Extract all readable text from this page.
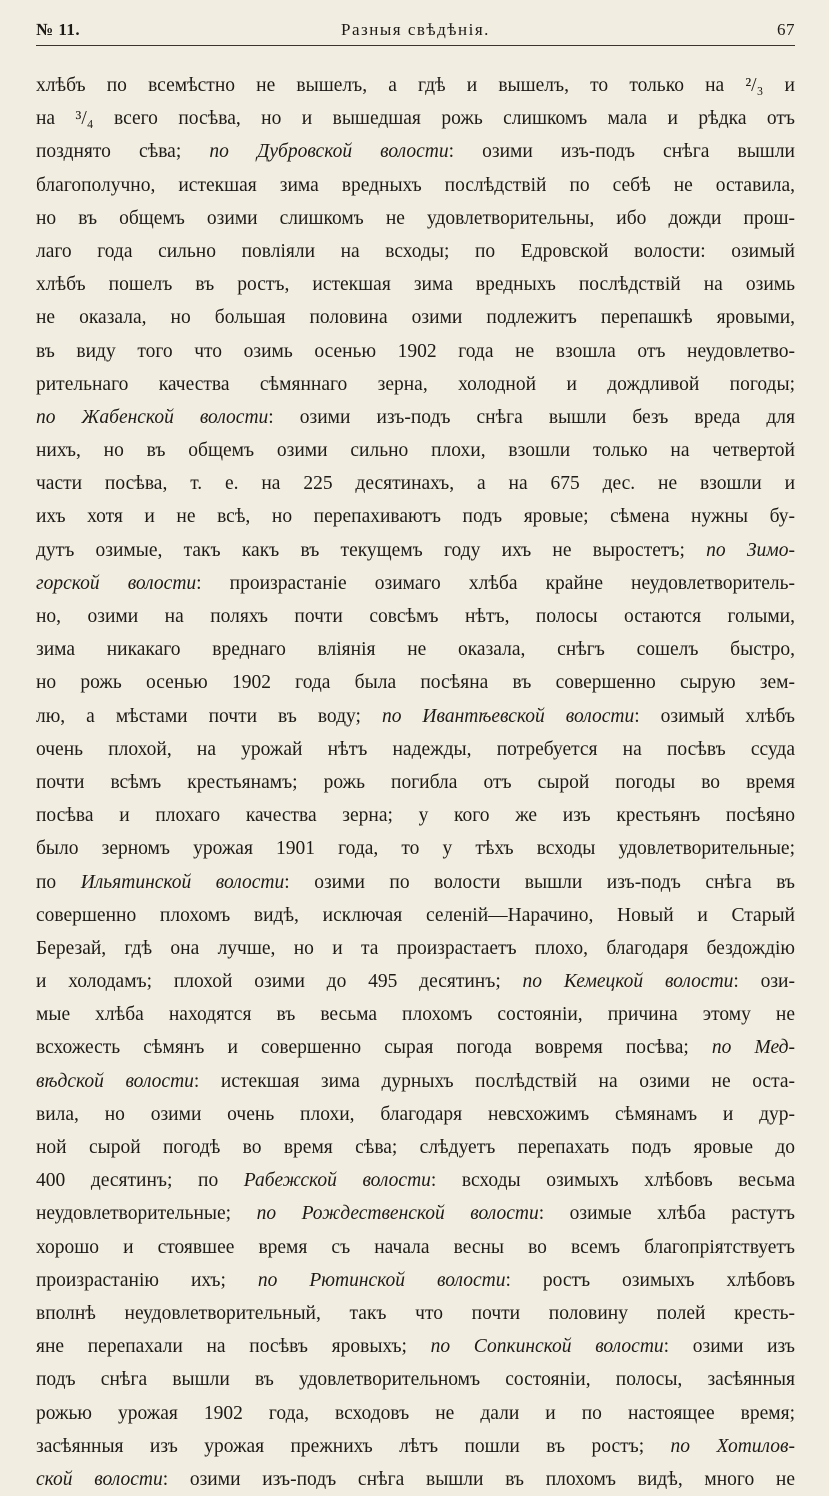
№ 11.	Разныя свѣдѣнія.	67
хлѣбъ по всемѣстно не вышелъ, а гдѣ и вышелъ, то только на ²/₃ и
на ³/₄ всего посѣва, но и вышедшая рожь слишкомъ мала и рѣдка отъ
позднято сѣва; по Дубровской волости: озими изъ-подъ снѣга вышли
благополучно, истекшая зима вредныхъ послѣдствій по себѣ не оставила,
но въ общемъ озими слишкомъ не удовлетворительны, ибо дожди прош-
лаго года сильно повліяли на всходы; по Едровской волости: озимый
хлѣбъ пошелъ въ ростъ, истекшая зима вредныхъ послѣдствій на озимь
не оказала, но большая половина озими подлежитъ перепашкѣ яровыми,
въ виду того что озимь осенью 1902 года не взошла отъ неудовлетво-
рительнаго качества сѣмяннаго зерна, холодной и дождливой погоды;
по Жабенской волости: озими изъ-подъ снѣга вышли безъ вреда для
нихъ, но въ общемъ озими сильно плохи, взошли только на четвертой
части посѣва, т. е. на 225 десятинахъ, а на 675 дес. не взошли и
ихъ хотя и не всѣ, но перепахиваютъ подъ яровые; сѣмена нужны бу-
дутъ озимые, такъ какъ въ текущемъ году ихъ не выростетъ; по Зимо-
горской волости: произрастаніе озимаго хлѣба крайне неудовлетворитель-
но, озими на поляхъ почти совсѣмъ нѣтъ, полосы остаются голыми,
зима никакаго вреднаго вліянія не оказала, снѣгъ сошелъ быстро,
но рожь осенью 1902 года была посѣяна въ совершенно сырую зем-
лю, а мѣстами почти въ воду; по Ивантѣевской волости: озимый хлѣбъ
очень плохой, на урожай нѣтъ надежды, потребуется на посѣвъ ссуда
почти всѣмъ крестьянамъ; рожь погибла отъ сырой погоды во время
посѣва и плохаго качества зерна; у кого же изъ крестьянъ посѣяно
было зерномъ урожая 1901 года, то у тѣхъ всходы удовлетворительные;
по Ильятинской волости: озими по волости вышли изъ-подъ снѣга въ
совершенно плохомъ видѣ, исключая селеній—Нарачино, Новый и Старый
Березай, гдѣ она лучше, но и та произрастаетъ плохо, благодаря бездождію
и холодамъ; плохой озими до 495 десятинъ; по Кемецкой волости: ози-
мые хлѣба находятся въ весьма плохомъ состояніи, причина этому не
всхожесть сѣмянъ и совершенно сырая погода вовремя посѣва; по Мед-
вѣдской волости: истекшая зима дурныхъ послѣдствій на озими не оста-
вила, но озими очень плохи, благодаря невсхожимъ сѣмянамъ и дур-
ной сырой погодѣ во время сѣва; слѣдуетъ перепахать подъ яровые до
400 десятинъ; по Рабежской волости: всходы озимыхъ хлѣбовъ весьма
неудовлетворительные; по Рождественской волости: озимые хлѣба растутъ
хорошо и стоявшее время съ начала весны во всемъ благопріятствуетъ
произрастанію ихъ; по Рютинской волости: ростъ озимыхъ хлѣбовъ
вполнѣ неудовлетворительный, такъ что почти половину полей кресть-
яне перепахали на посѣвъ яровыхъ; по Сопкинской волости: озими изъ
подъ снѣга вышли въ удовлетворительномъ состояніи, полосы, засѣянныя
рожью урожая 1902 года, всходовъ не дали и по настоящее время;
засѣянныя изъ урожая прежнихъ лѣтъ пошли въ ростъ; по Хотилов-
ской волости: озими изъ-подъ снѣга вышли въ плохомъ видѣ, много не
